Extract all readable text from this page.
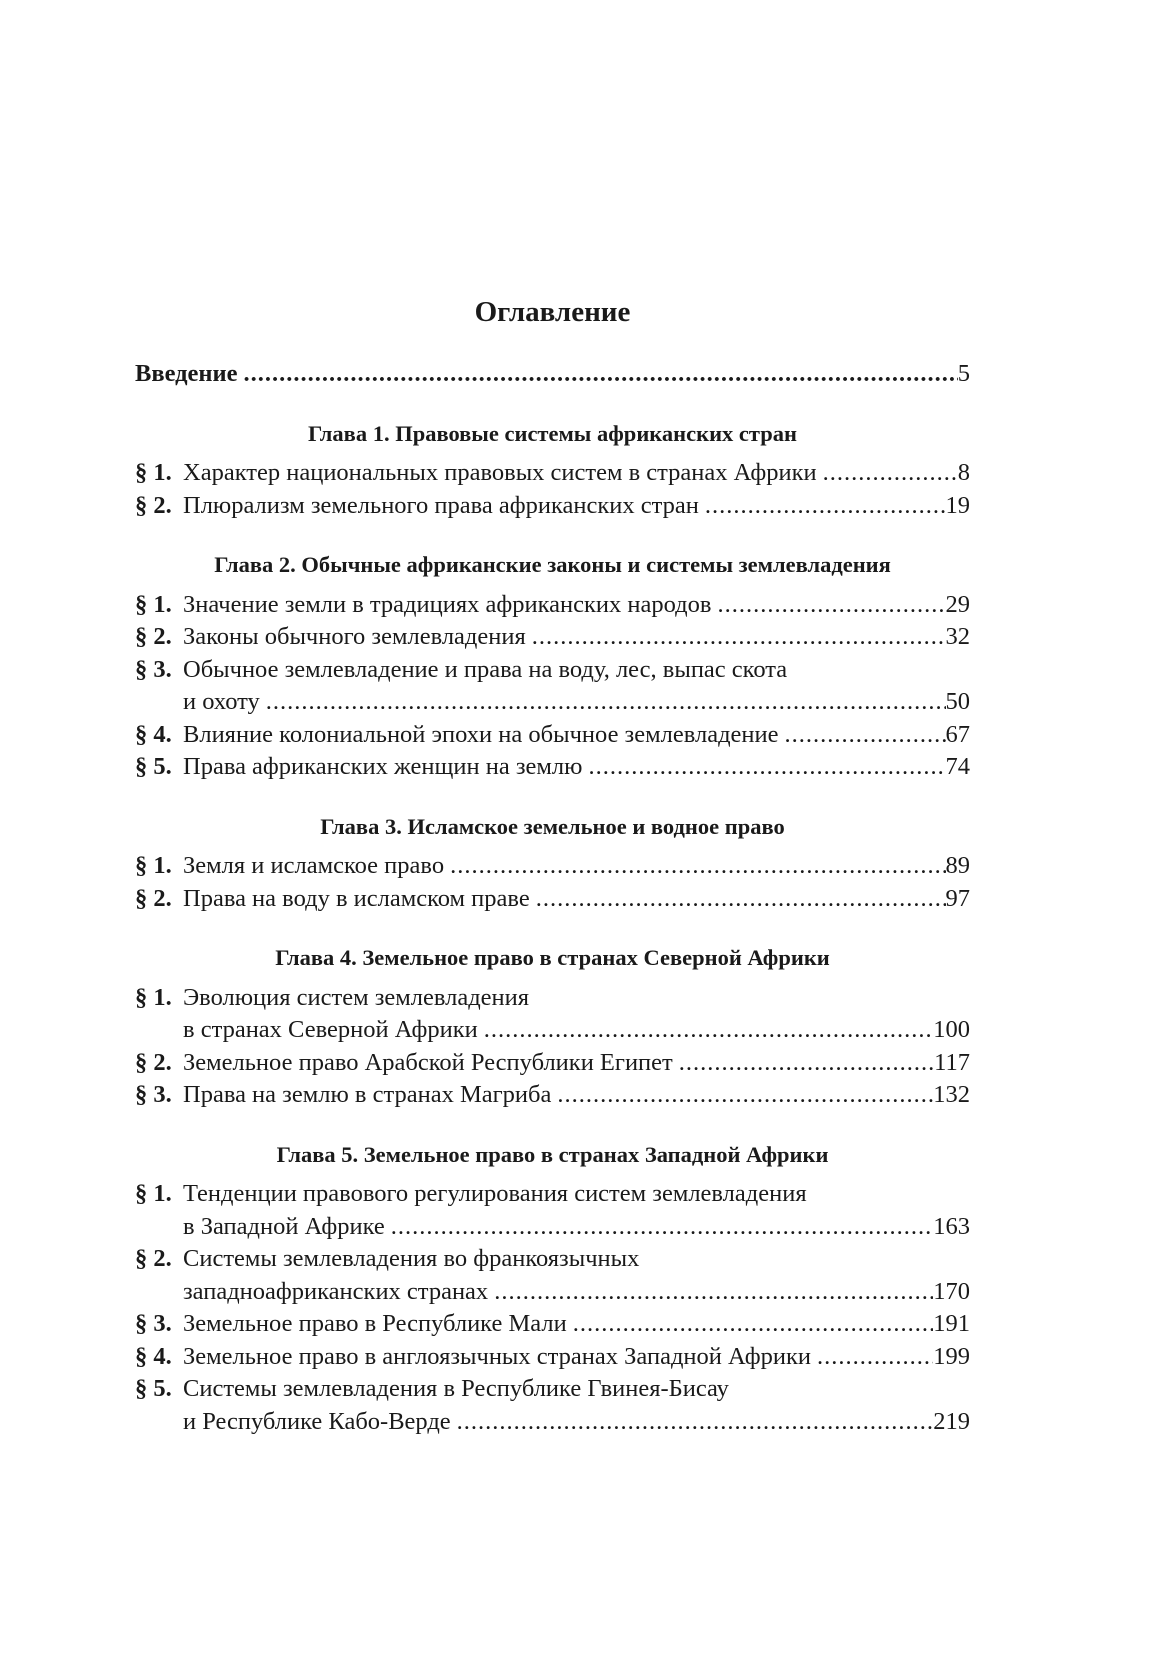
Оглавление
Введение .....	5
Глава 1. Правовые системы африканских стран
§ 1. Характер национальных правовых систем в странах Африки .....	8
§ 2. Плюрализм земельного права африканских стран .....	19
Глава 2. Обычные африканские законы и системы землевладения
§ 1. Значение земли в традициях африканских народов .....	29
§ 2. Законы обычного землевладения .....	32
§ 3. Обычное землевладение и права на воду, лес, выпас скота
и охоту .....	50
§ 4. Влияние колониальной эпохи на обычное землевладение .....	67
§ 5. Права африканских женщин на землю .....	74
Глава 3. Исламское земельное и водное право
§ 1. Земля и исламское право .....	89
§ 2. Права на воду в исламском праве .....	97
Глава 4. Земельное право в странах Северной Африки
§ 1. Эволюция систем землевладения
в странах Северной Африки .....	100
§ 2. Земельное право Арабской Республики Египет .....	117
§ 3. Права на землю в странах Магриба .....	132
Глава 5. Земельное право в странах Западной Африки
§ 1. Тенденции правового регулирования систем землевладения
в Западной Африке .....	163
§ 2. Системы землевладения во франкоязычных
западноафриканских странах .....	170
§ 3. Земельное право в Республике Мали .....	191
§ 4. Земельное право в англоязычных странах Западной Африки .....	199
§ 5. Системы землевладения в Республике Гвинея-Бисау
и Республике Кабо-Верде .....	219
